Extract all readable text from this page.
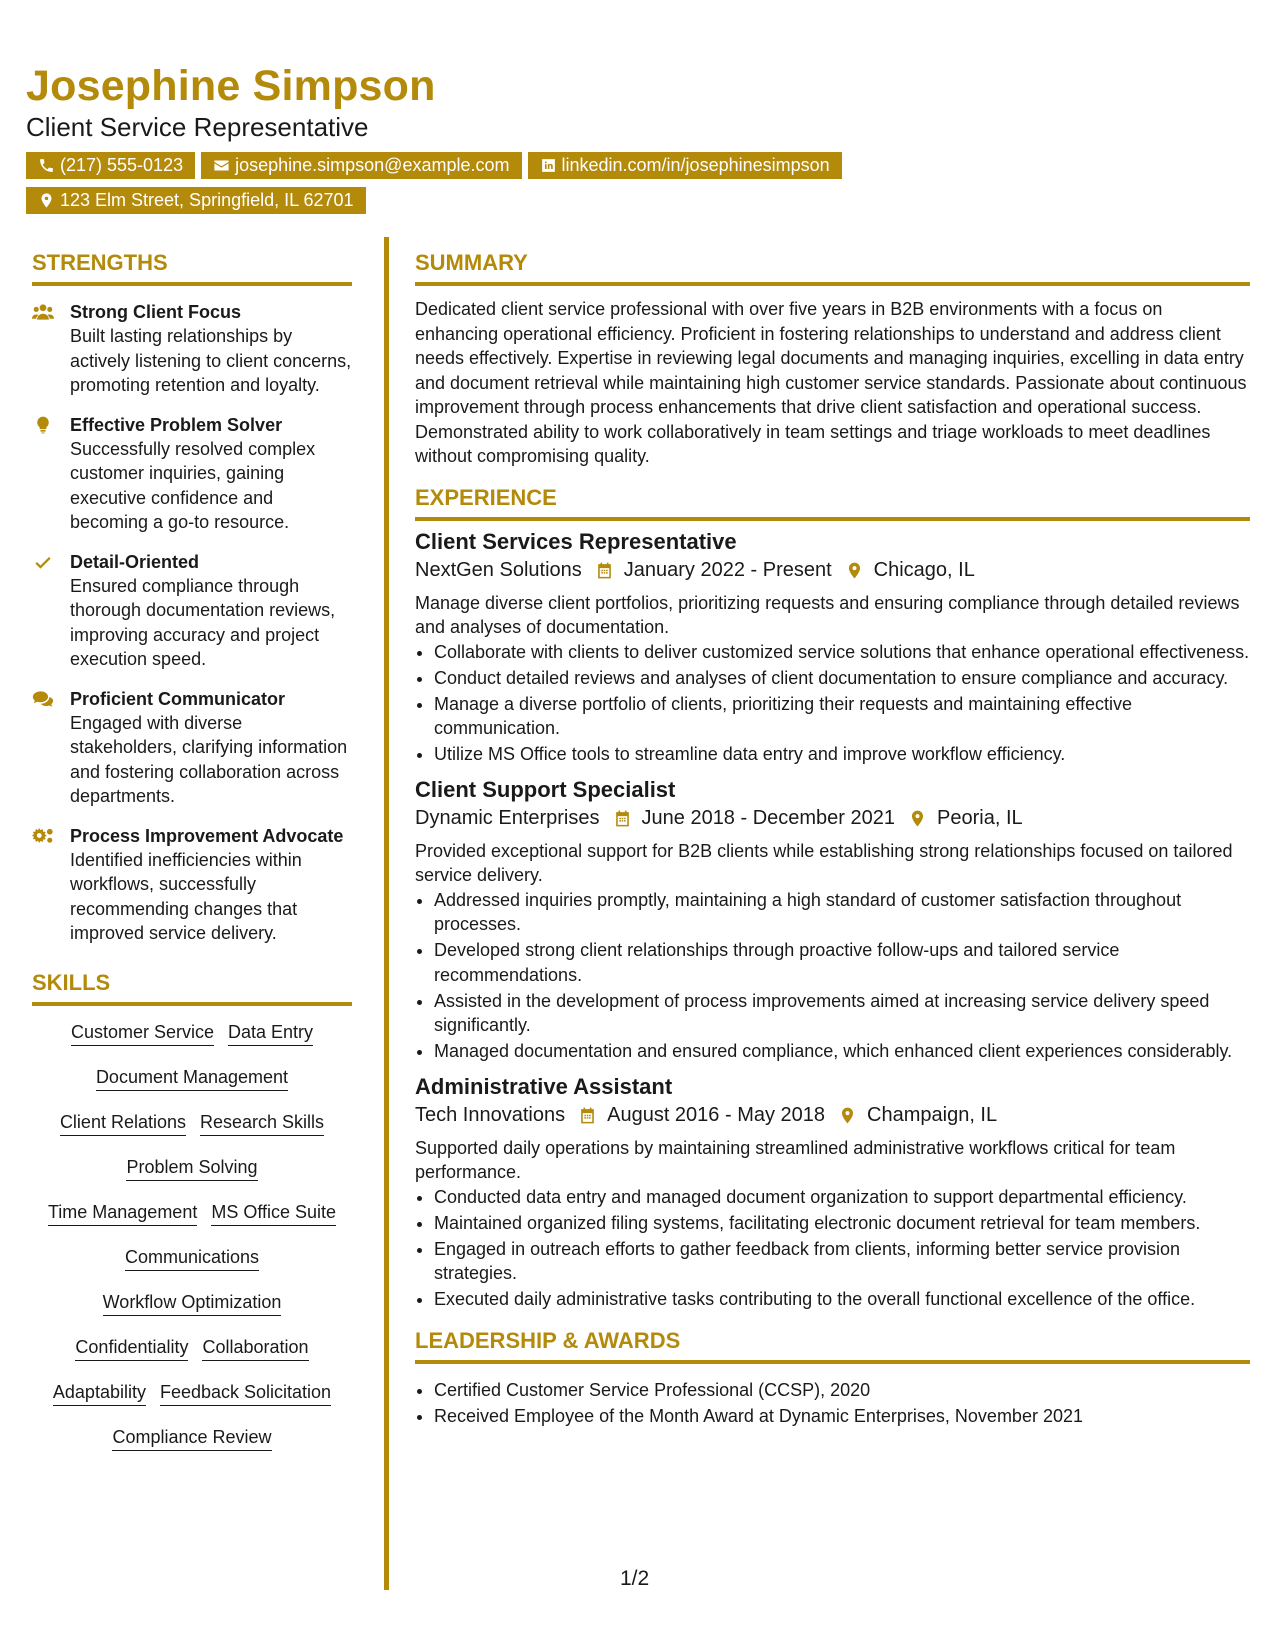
Josephine Simpson
Client Service Representative
(217) 555-0123	josephine.simpson@example.com	linkedin.com/in/josephinesimpson

123 Elm Street, Springfield, IL 62701
STRENGTHS
Strong Client Focus
Built lasting relationships by actively listening to client concerns, promoting retention and loyalty.
Effective Problem Solver
Successfully resolved complex customer inquiries, gaining executive confidence and becoming a go-to resource.
Detail-Oriented
Ensured compliance through thorough documentation reviews, improving accuracy and project execution speed.
Proficient Communicator
Engaged with diverse stakeholders, clarifying information and fostering collaboration across departments.
Process Improvement Advocate
Identified inefficiencies within workflows, successfully recommending changes that improved service delivery.
SKILLS
Customer Service Data Entry
Document Management
Client Relations Research Skills
Problem Solving
Time Management MS Office Suite
Communications
Workflow Optimization
Confidentiality Collaboration
Adaptability Feedback Solicitation
Compliance Review
SUMMARY
Dedicated client service professional with over five years in B2B environments with a focus on enhancing operational efficiency. Proficient in fostering relationships to understand and address client needs effectively. Expertise in reviewing legal documents and managing inquiries, excelling in data entry and document retrieval while maintaining high customer service standards. Passionate about continuous improvement through process enhancements that drive client satisfaction and operational success. Demonstrated ability to work collaboratively in team settings and triage workloads to meet deadlines without compromising quality.
EXPERIENCE
Client Services Representative
NextGen Solutions January 2022 - Present Chicago, IL
Manage diverse client portfolios, prioritizing requests and ensuring compliance through detailed reviews and analyses of documentation.
• Collaborate with clients to deliver customized service solutions that enhance operational effectiveness.
• Conduct detailed reviews and analyses of client documentation to ensure compliance and accuracy.
• Manage a diverse portfolio of clients, prioritizing their requests and maintaining effective communication.
• Utilize MS Office tools to streamline data entry and improve workflow efficiency.
Client Support Specialist
Dynamic Enterprises June 2018 - December 2021 Peoria, IL
Provided exceptional support for B2B clients while establishing strong relationships focused on tailored service delivery.
• Addressed inquiries promptly, maintaining a high standard of customer satisfaction throughout processes.
• Developed strong client relationships through proactive follow-ups and tailored service recommendations.
• Assisted in the development of process improvements aimed at increasing service delivery speed significantly.
• Managed documentation and ensured compliance, which enhanced client experiences considerably.
Administrative Assistant
Tech Innovations August 2016 - May 2018 Champaign, IL
Supported daily operations by maintaining streamlined administrative workflows critical for team performance.
• Conducted data entry and managed document organization to support departmental efficiency.
• Maintained organized filing systems, facilitating electronic document retrieval for team members.
• Engaged in outreach efforts to gather feedback from clients, informing better service provision strategies.
• Executed daily administrative tasks contributing to the overall functional excellence of the office.
LEADERSHIP & AWARDS
• Certified Customer Service Professional (CCSP), 2020
• Received Employee of the Month Award at Dynamic Enterprises, November 2021
1/2
